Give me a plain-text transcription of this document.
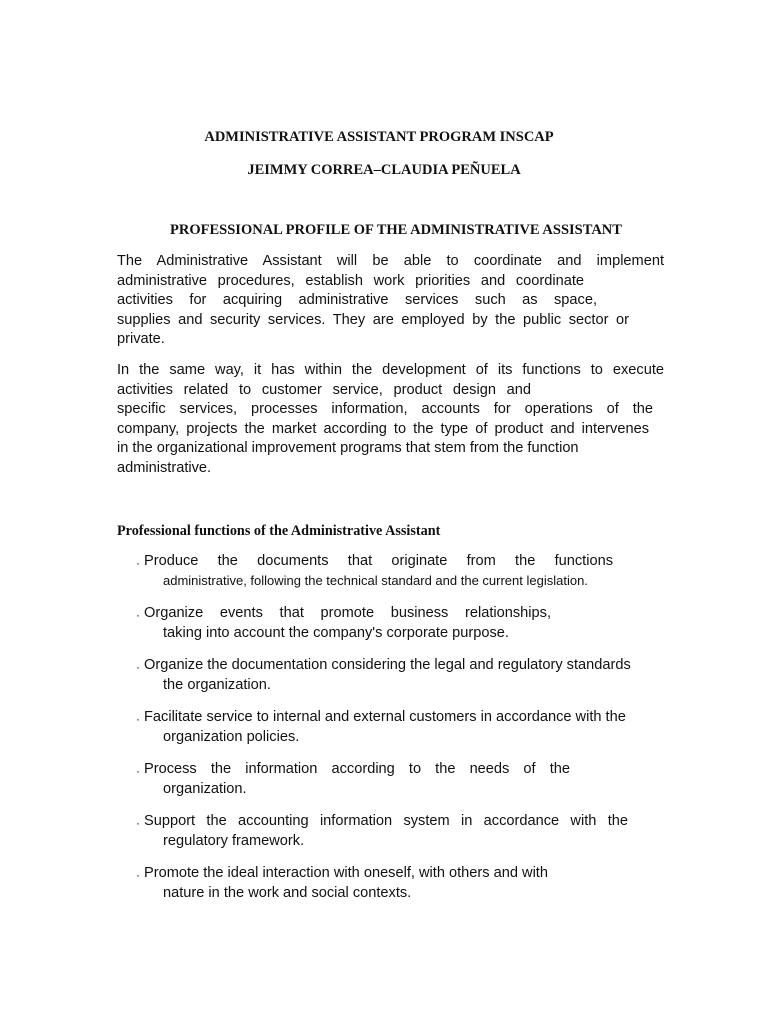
ADMINISTRATIVE ASSISTANT PROGRAM INSCAP
JEIMMY CORREA–CLAUDIA PEÑUELA
PROFESSIONAL PROFILE OF THE ADMINISTRATIVE ASSISTANT
The Administrative Assistant will be able to coordinate and implement
administrative procedures, establish work priorities and coordinate
activities for acquiring administrative services such as space,
supplies and security services. They are employed by the public sector or
private.
In the same way, it has within the development of its functions to execute
activities related to customer service, product design and
specific services, processes information, accounts for operations of the
company, projects the market according to the type of product and intervenes
in the organizational improvement programs that stem from the function
administrative.
Professional functions of the Administrative Assistant
· Produce the documents that originate from the functions
administrative, following the technical standard and the current legislation.
· Organize events that promote business relationships,
taking into account the company's corporate purpose.
· Organize the documentation considering the legal and regulatory standards
the organization.
· Facilitate service to internal and external customers in accordance with the
organization policies.
· Process the information according to the needs of the
organization.
· Support the accounting information system in accordance with the
regulatory framework.
· Promote the ideal interaction with oneself, with others and with
nature in the work and social contexts.
